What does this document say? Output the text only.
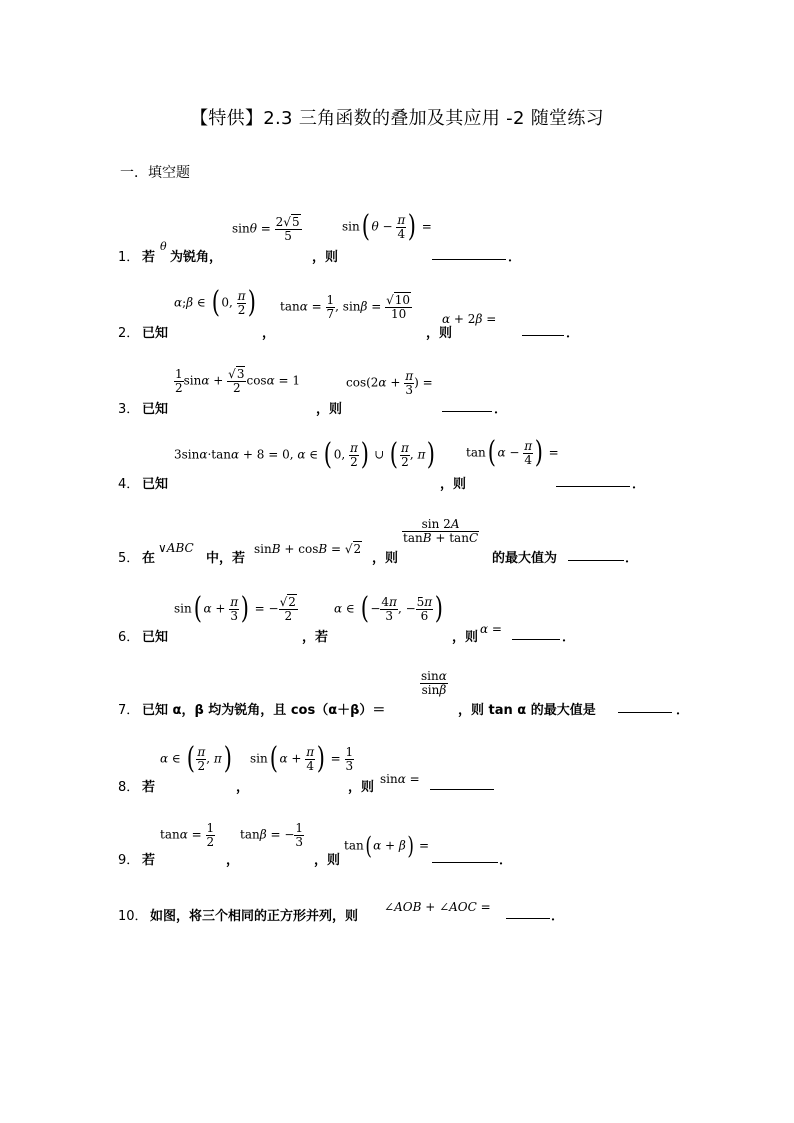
【特供】2.3 三角函数的叠加及其应用 -2 随堂练习
一．填空题
1． 若
θ
为锐角，
$\sin\theta = \frac{2√5}{5}$
，则
sin( $\theta - \frac{\pi}{4}$ ) =
．
2． 已知
α;β ∈ ( 0, $\frac{\pi}{2}$ )
，
$\tan\alpha = \frac{1}{7}$ , $\sin\beta = \frac{√10}{10}$
，则
α + 2β =
．
3． 已知
$\frac{1}{2}$ $\sin\alpha + \frac{√3}{2}$ cosα = 1
，则
$\cos(2\alpha + \frac{\pi}{3}$ ) =
．
4． 已知
3sinα·tanα + 8 = 0, α ∈ ( 0, $\frac{\pi}{2}$ ) ∪ ( $\frac{\pi}{2}$ , π)
，则
tan( $\alpha - \frac{\pi}{4}$ ) =
．
5． 在
∨ABC
中，若
sinB + cosB = √2
，则
$\frac{\sin 2A}{\tan B + \tan C}$
的最大值为	．
6． 已知
sin( $\alpha + \frac{\pi}{3}$ ) = − $\frac{√2}{2}$
，若
α ∈ ( − $\frac{4\pi}{3}$ , − $\frac{5\pi}{6}$ )
，则
α =
．
7． 已知 α，β 均为锐角，且 cos（α＋β）＝
$\frac{\sin\alpha}{\sin\beta}$
，则 tan α 的最大值是	．
8． 若
α ∈ ( $\frac{\pi}{2}$ , π)
，
sin( $\alpha + \frac{\pi}{4}$ ) = $\frac{1}{3}$
，则
sinα =
9． 若
$\tan\alpha = \frac{1}{2}$
，
tanβ = − $\frac{1}{3}$
，则
tan(α + β) =
．
10． 如图，将三个相同的正方形并列，则
∠AOB + ∠AOC =
．
